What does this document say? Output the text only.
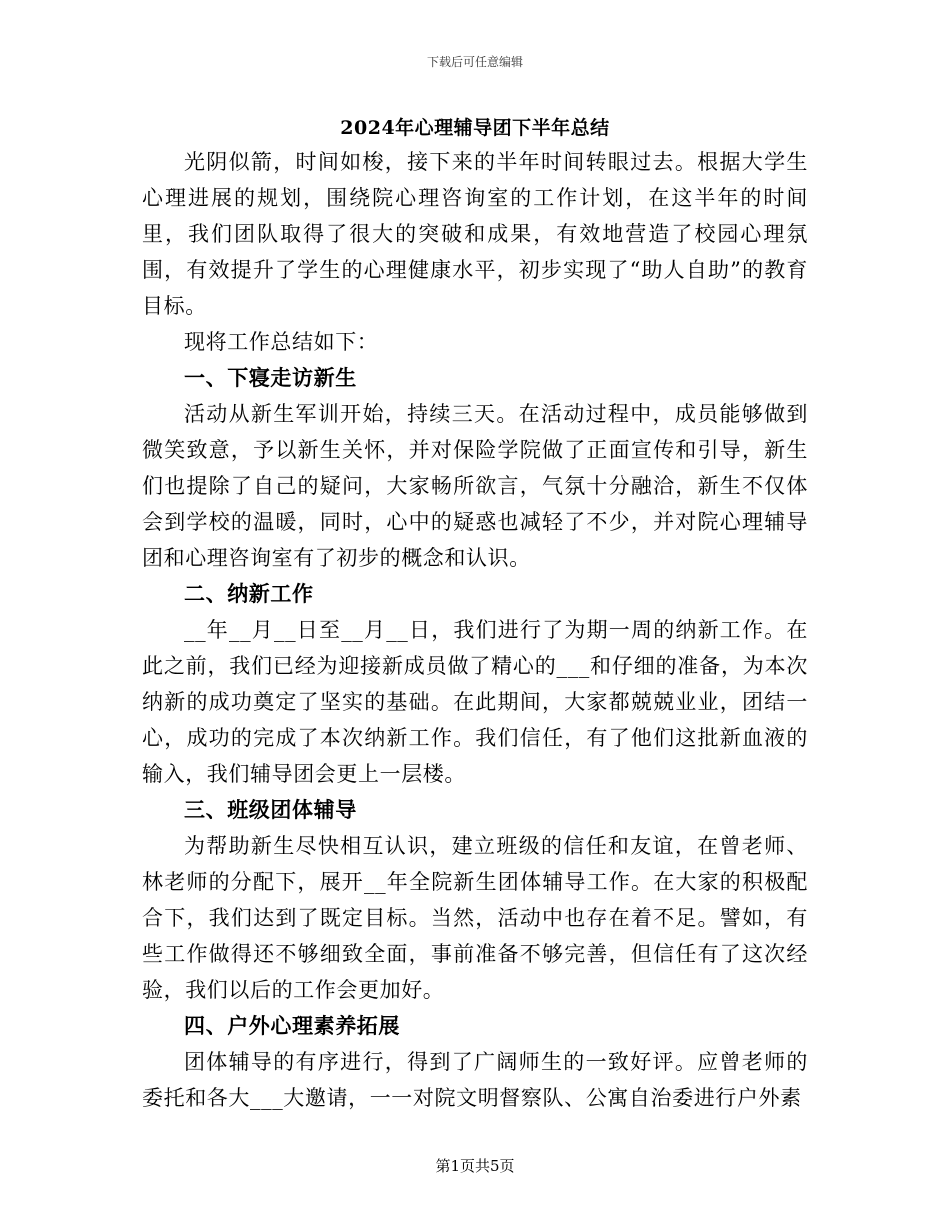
下载后可任意编辑
2024年心理辅导团下半年总结

光阴似箭，时间如梭，接下来的半年时间转眼过去。根据大学生心理进展的规划，围绕院心理咨询室的工作计划，在这半年的时间里，我们团队取得了很大的突破和成果，有效地营造了校园心理氛围，有效提升了学生的心理健康水平，初步实现了“助人自助”的教育目标。

现将工作总结如下：

一、下寝走访新生

活动从新生军训开始，持续三天。在活动过程中，成员能够做到微笑致意，予以新生关怀，并对保险学院做了正面宣传和引导，新生们也提除了自己的疑问，大家畅所欲言，气氛十分融洽，新生不仅体会到学校的温暖，同时，心中的疑惑也减轻了不少，并对院心理辅导团和心理咨询室有了初步的概念和认识。

二、纳新工作

__年__月__日至__月__日，我们进行了为期一周的纳新工作。在此之前，我们已经为迎接新成员做了精心的___和仔细的准备，为本次纳新的成功奠定了坚实的基础。在此期间，大家都兢兢业业，团结一心，成功的完成了本次纳新工作。我们信任，有了他们这批新血液的输入，我们辅导团会更上一层楼。

三、班级团体辅导

为帮助新生尽快相互认识，建立班级的信任和友谊，在曾老师、林老师的分配下，展开__年全院新生团体辅导工作。在大家的积极配合下，我们达到了既定目标。当然，活动中也存在着不足。譬如，有些工作做得还不够细致全面，事前准备不够完善，但信任有了这次经验，我们以后的工作会更加好。

四、户外心理素养拓展

团体辅导的有序进行，得到了广阔师生的一致好评。应曾老师的委托和各大___大邀请，一一对院文明督察队、公寓自治委进行户外素

第1页共5页
